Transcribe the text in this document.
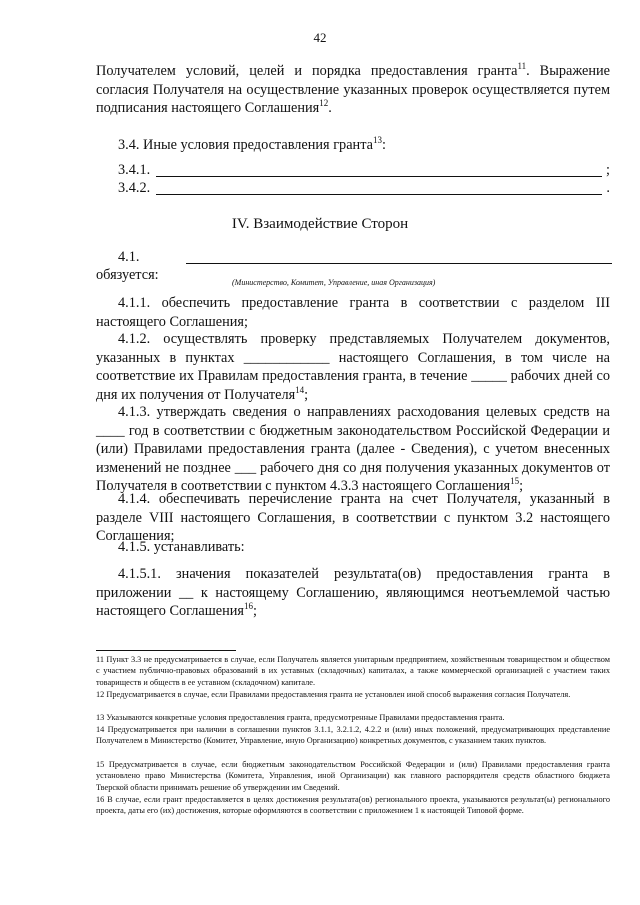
42
Получателем условий, целей и порядка предоставления гранта$^{11}$. Выражение согласия Получателя на осуществление указанных проверок осуществляется путем подписания настоящего Соглашения$^{12}$.
3.4. Иные условия предоставления гранта$^{13}$:
3.4.1.	;
3.4.2.	.
IV. Взаимодействие Сторон
4.1.
обязуется:	(Министерство, Комитет, Управление, иная Организация)
4.1.1. обеспечить предоставление гранта в соответствии с разделом III настоящего Соглашения;
4.1.2. осуществлять проверку представляемых Получателем документов, указанных в пунктах ____________ настоящего Соглашения, в том числе на соответствие их Правилам предоставления гранта, в течение _____ рабочих дней со дня их получения от Получателя$^{14}$;
4.1.3. утверждать сведения о направлениях расходования целевых средств на ____ год в соответствии с бюджетным законодательством Российской Федерации и (или) Правилами предоставления гранта (далее - Сведения), с учетом внесенных изменений не позднее ___ рабочего дня со дня получения указанных документов от Получателя в соответствии с пунктом 4.3.3 настоящего Соглашения$^{15}$;
4.1.4. обеспечивать перечисление гранта на счет Получателя, указанный в разделе VIII настоящего Соглашения, в соответствии с пунктом 3.2 настоящего Соглашения;
4.1.5. устанавливать:
4.1.5.1. значения показателей результата(ов) предоставления гранта в приложении __ к настоящему Соглашению, являющимся неотъемлемой частью настоящего Соглашения$^{16}$;
11 Пункт 3.3 не предусматривается в случае, если Получатель является унитарным предприятием, хозяйственным товариществом и обществом с участием публично-правовых образований в их уставных (складочных) капиталах, а также коммерческой организацией с участием таких товариществ и обществ в ее уставном (складочном) капитале.
12 Предусматривается в случае, если Правилами предоставления гранта не установлен иной способ выражения согласия Получателя.
13 Указываются конкретные условия предоставления гранта, предусмотренные Правилами предоставления гранта.
14 Предусматривается при наличии в соглашении пунктов 3.1.1, 3.2.1.2, 4.2.2 и (или) иных положений, предусматривающих представление Получателем в Министерство (Комитет, Управление, иную Организацию) конкретных документов, с указанием таких пунктов.
15 Предусматривается в случае, если бюджетным законодательством Российской Федерации и (или) Правилами предоставления гранта установлено право Министерства (Комитета, Управления, иной Организации) как главного распорядителя средств областного бюджета Тверской области принимать решение об утверждении им Сведений.
16 В случае, если грант предоставляется в целях достижения результата(ов) регионального проекта, указываются результат(ы) регионального проекта, даты его (их) достижения, которые оформляются в соответствии с приложением 1 к настоящей Типовой форме.
